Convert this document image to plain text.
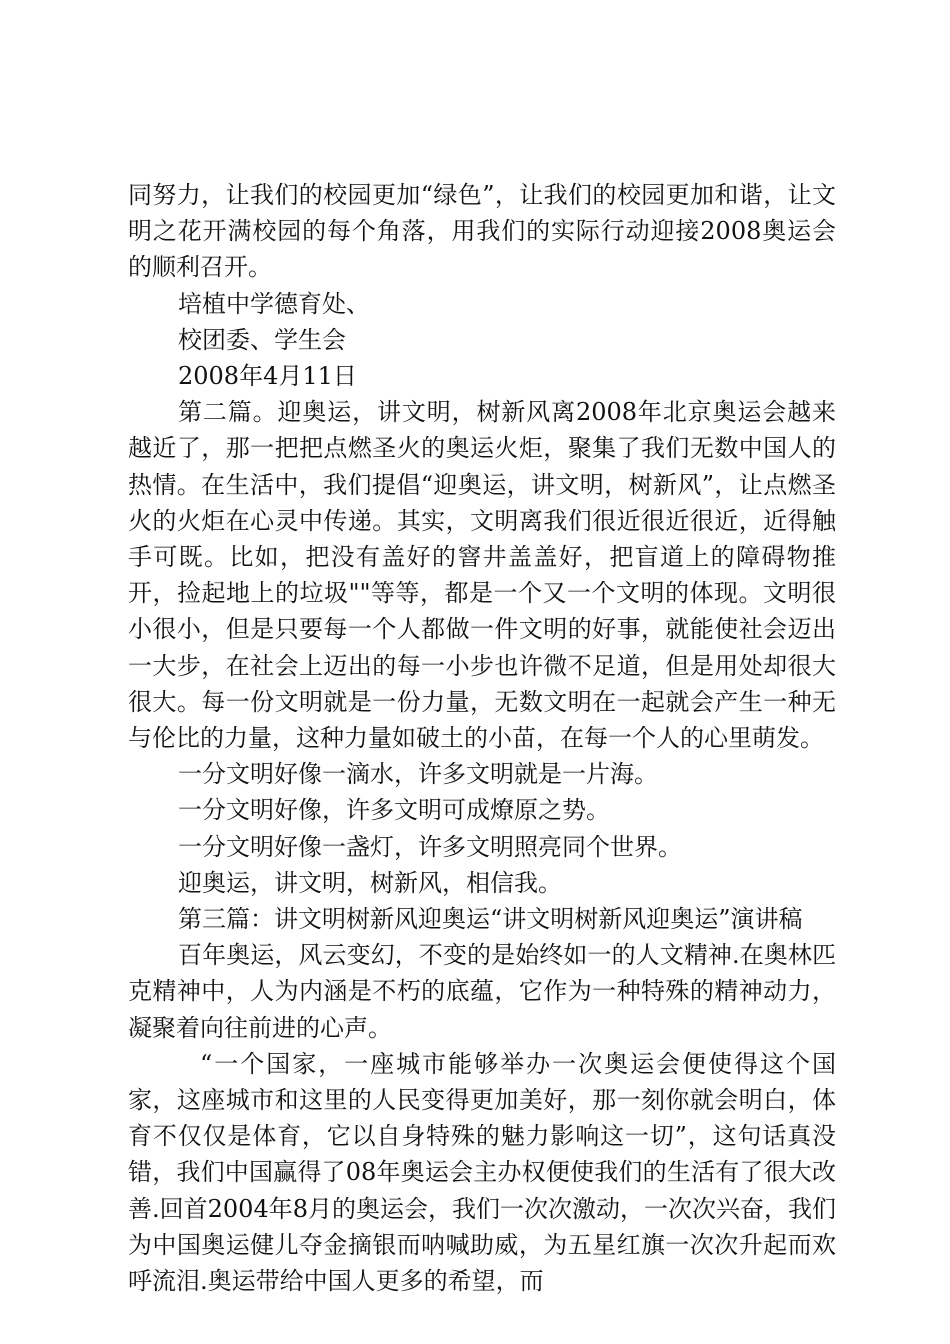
同努力，让我们的校园更加“绿色”，让我们的校园更加和谐，让文明之花开满校园的每个角落，用我们的实际行动迎接2008奥运会的顺利召开。

培植中学德育处、

校团委、学生会

2008年4月11日

第二篇。迎奥运，讲文明，树新风离2008年北京奥运会越来越近了，那一把把点燃圣火的奥运火炬，聚集了我们无数中国人的热情。在生活中，我们提倡“迎奥运，讲文明，树新风”，让点燃圣火的火炬在心灵中传递。其实，文明离我们很近很近很近，近得触手可既。比如，把没有盖好的窨井盖盖好，把盲道上的障碍物推开，捡起地上的垃圾""等等，都是一个又一个文明的体现。文明很小很小，但是只要每一个人都做一件文明的好事，就能使社会迈出一大步，在社会上迈出的每一小步也许微不足道，但是用处却很大很大。每一份文明就是一份力量，无数文明在一起就会产生一种无与伦比的力量，这种力量如破土的小苗，在每一个人的心里萌发。

一分文明好像一滴水，许多文明就是一片海。

一分文明好像，许多文明可成燎原之势。

一分文明好像一盏灯，许多文明照亮同个世界。

迎奥运，讲文明，树新风，相信我。

第三篇：讲文明树新风迎奥运“讲文明树新风迎奥运”演讲稿

百年奥运，风云变幻，不变的是始终如一的人文精神.在奥林匹克精神中，人为内涵是不朽的底蕴，它作为一种特殊的精神动力，凝聚着向往前进的心声。

“一个国家，一座城市能够举办一次奥运会便使得这个国家，这座城市和这里的人民变得更加美好，那一刻你就会明白，体育不仅仅是体育，它以自身特殊的魅力影响这一切”，这句话真没错，我们中国赢得了08年奥运会主办权便使我们的生活有了很大改善.回首2004年8月的奥运会，我们一次次激动，一次次兴奋，我们为中国奥运健儿夺金摘银而呐喊助威，为五星红旗一次次升起而欢呼流泪.奥运带给中国人更多的希望，而
